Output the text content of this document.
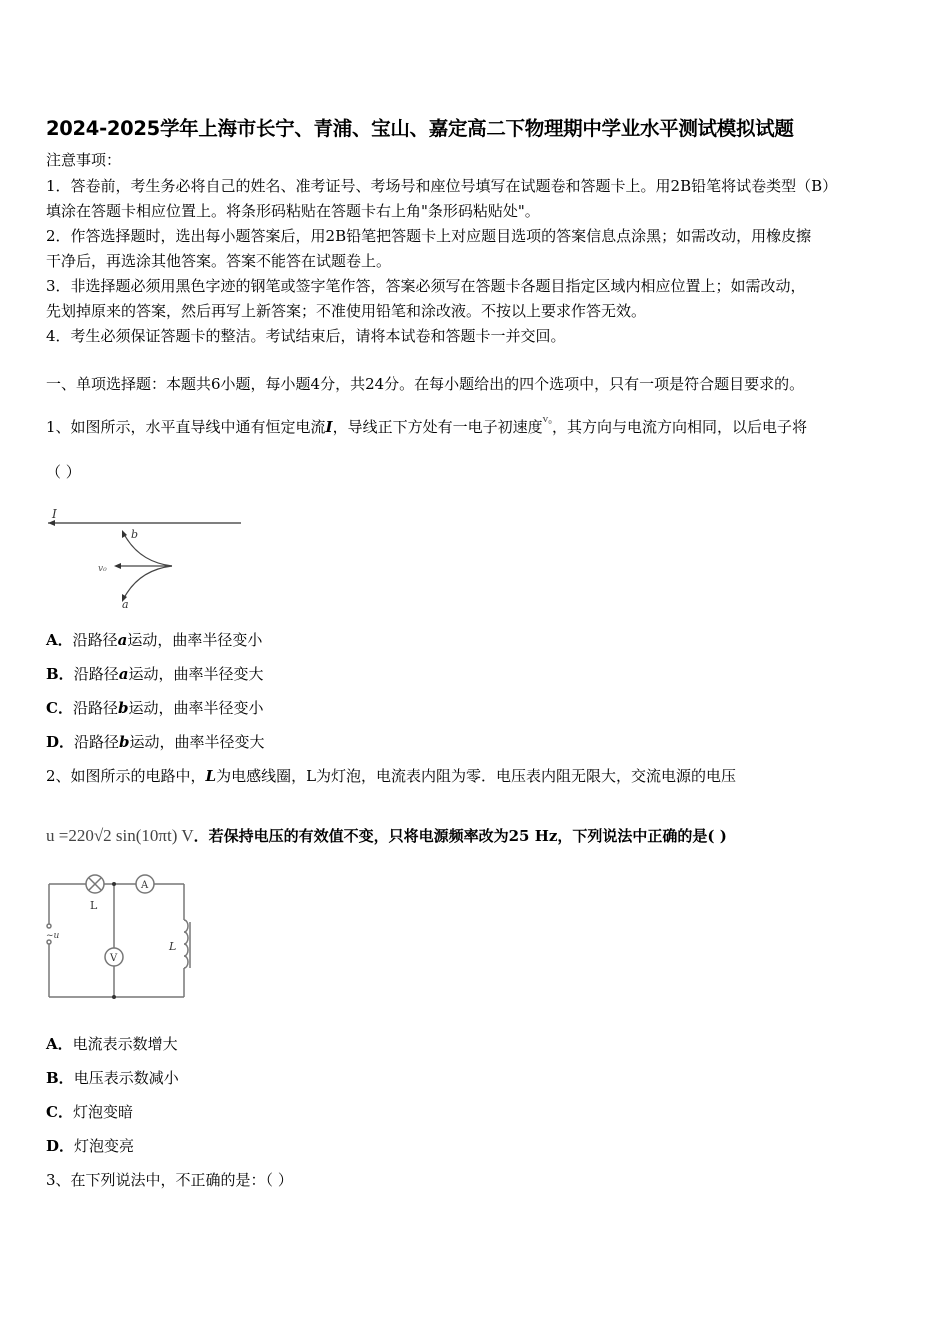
2024-2025学年上海市长宁、青浦、宝山、嘉定高二下物理期中学业水平测试模拟试题
注意事项：
1．答卷前，考生务必将自己的姓名、准考证号、考场号和座位号填写在试题卷和答题卡上。用2B铅笔将试卷类型（B）
填涂在答题卡相应位置上。将条形码粘贴在答题卡右上角"条形码粘贴处"。
2．作答选择题时，选出每小题答案后，用2B铅笔把答题卡上对应题目选项的答案信息点涂黑；如需改动，用橡皮擦
干净后，再选涂其他答案。答案不能答在试题卷上。
3．非选择题必须用黑色字迹的钢笔或签字笔作答，答案必须写在答题卡各题目指定区域内相应位置上；如需改动，
先划掉原来的答案，然后再写上新答案；不准使用铅笔和涂改液。不按以上要求作答无效。
4．考生必须保证答题卡的整洁。考试结束后，请将本试卷和答题卡一并交回。
一、单项选择题：本题共6小题，每小题4分，共24分。在每小题给出的四个选项中，只有一项是符合题目要求的。
1、如图所示，水平直导线中通有恒定电流I，导线正下方处有一电子初速度$^{v_0}$，其方向与电流方向相同，以后电子将
（ ）
I
b
v₀
a
A．沿路径a运动，曲率半径变小
B．沿路径a运动，曲率半径变大
C．沿路径b运动，曲率半径变小
D．沿路径b运动，曲率半径变大
2、如图所示的电路中，L为电感线圈，L为灯泡，电流表内阻为零．电压表内阻无限大，交流电源的电压
u =220√2 sin(10πt) V．若保持电压的有效值不变，只将电源频率改为25 Hz，下列说法中正确的是( )
A
V
L
L
~u
A．电流表示数增大
B．电压表示数减小
C．灯泡变暗
D．灯泡变亮
3、在下列说法中，不正确的是：（ ）
